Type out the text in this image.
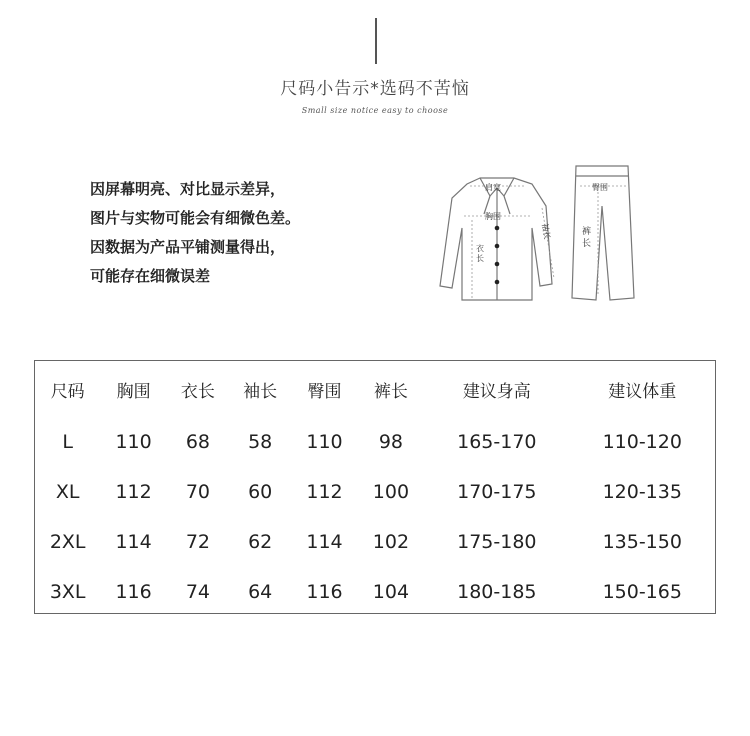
尺码小告示*选码不苦恼
Small size notice easy to choose
因屏幕明亮、对比显示差异，
图片与实物可能会有细微色差。
因数据为产品平铺测量得出，
可能存在细微误差
肩宽
胸围
衣
长
袖长
臀围
裤
长
尺码	胸围	衣长	袖长	臀围	裤长	建议身高	建议体重
L	110	68	58	110	98	165-170	110-120
XL	112	70	60	112	100	170-175	120-135
2XL	114	72	62	114	102	175-180	135-150
3XL	116	74	64	116	104	180-185	150-165
